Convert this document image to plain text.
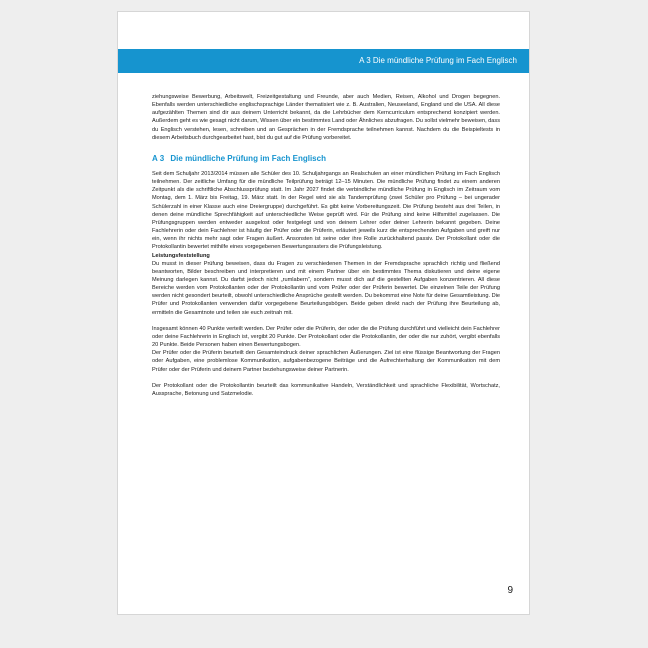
A 3 Die mündliche Prüfung im Fach Englisch

ziehungsweise Bewerbung, Arbeitswelt, Freizeitgestaltung und Freunde, aber auch Medien, Reisen, Alkohol und Drogen begegnen. Ebenfalls werden unterschiedliche englischsprachige Länder thematisiert wie z. B. Australien, Neuseeland, England und die USA. All diese aufgezählten Themen sind dir aus deinem Unterricht bekannt, da die Lehrbücher dem Kerncurriculum entsprechend konzipiert werden. Außerdem geht es wie gesagt nicht darum, Wissen über ein bestimmtes Land oder Ähnliches abzufragen. Du sollst vielmehr beweisen, dass du Englisch verstehen, lesen, schreiben und an Gesprächen in der Fremdsprache teilnehmen kannst. Nachdem du die Beispieltests in diesem Arbeitsbuch durchgearbeitet hast, bist du gut auf die Prüfung vorbereitet.

A 3 Die mündliche Prüfung im Fach Englisch

Seit dem Schuljahr 2013/2014 müssen alle Schüler des 10. Schuljahrgangs an Realschulen an einer mündlichen Prüfung im Fach Englisch teilnehmen. Der zeitliche Umfang für die mündliche Teilprüfung beträgt 12–15 Minuten. Die mündliche Prüfung findet zu einem anderen Zeitpunkt als die schriftliche Abschlussprüfung statt. Im Jahr 2027 findet die verbindliche mündliche Prüfung in Englisch im Zeitraum vom Montag, dem 1. März bis Freitag, 19. März statt. In der Regel wird sie als Tandemprüfung (zwei Schüler pro Prüfung – bei ungerader Schülerzahl in einer Klasse auch eine Dreiergruppe) durchgeführt. Es gibt keine Vorbereitungszeit. Die Prüfung besteht aus drei Teilen, in denen deine mündliche Sprechfähigkeit auf unterschiedliche Weise geprüft wird. Für die Prüfung sind keine Hilfsmittel zugelassen. Die Prüfungsgruppen werden entweder ausgelost oder festgelegt und von deinem Lehrer oder deiner Lehrerin bekannt gegeben. Deine Fachlehrerin oder dein Fachlehrer ist häufig der Prüfer oder die Prüferin, erläutert jeweils kurz die entsprechenden Aufgaben und greift nur ein, wenn ihr nichts mehr sagt oder Fragen äußert. Ansonsten ist seine oder ihre Rolle zurückhaltend passiv. Der Protokollant oder die Protokollantin bewertet mithilfe eines vorgegebenen Bewertungsrasters die Prüfungsleistung.

Leistungsfeststellung

Du musst in dieser Prüfung beweisen, dass du Fragen zu verschiedenen Themen in der Fremdsprache sprachlich richtig und fließend beantworten, Bilder beschreiben und interpretieren und mit einem Partner über ein bestimmtes Thema diskutieren und deine eigene Meinung darlegen kannst. Du darfst jedoch nicht „rumlabern“, sondern musst dich auf die gestellten Aufgaben konzentrieren. All diese Bereiche werden vom Protokollanten oder der Protokollantin und vom Prüfer oder der Prüferin bewertet. Die einzelnen Teile der Prüfung werden nicht gesondert beurteilt, obwohl unterschiedliche Ansprüche gestellt werden. Du bekommst eine Note für deine Gesamtleistung. Die Prüfer und Protokollanten verwenden dafür vorgegebene Beurteilungsbögen. Beide geben direkt nach der Prüfung ihre Beurteilung ab, ermitteln die Gesamtnote und teilen sie euch zeitnah mit.

Insgesamt können 40 Punkte verteilt werden. Der Prüfer oder die Prüferin, der oder die die Prüfung durchführt und vielleicht dein Fachlehrer oder deine Fachlehrerin in Englisch ist, vergibt 20 Punkte. Der Protokollant oder die Protokollantin, der oder die nur zuhört, vergibt ebenfalls 20 Punkte. Beide Personen haben einen Bewertungsbogen.

Der Prüfer oder die Prüferin beurteilt den Gesamteindruck deiner sprachlichen Äußerungen. Ziel ist eine flüssige Beantwortung der Fragen oder Aufgaben, eine problemlose Kommunikation, aufgabenbezogene Beiträge und die Aufrechterhaltung der Kommunikation mit dem Prüfer oder der Prüferin und deinem Partner beziehungsweise deiner Partnerin.

Der Protokollant oder die Protokollantin beurteilt das kommunikative Handeln, Verständlichkeit und sprachliche Flexibilität, Wortschatz, Aussprache, Betonung und Satzmelodie.

9
